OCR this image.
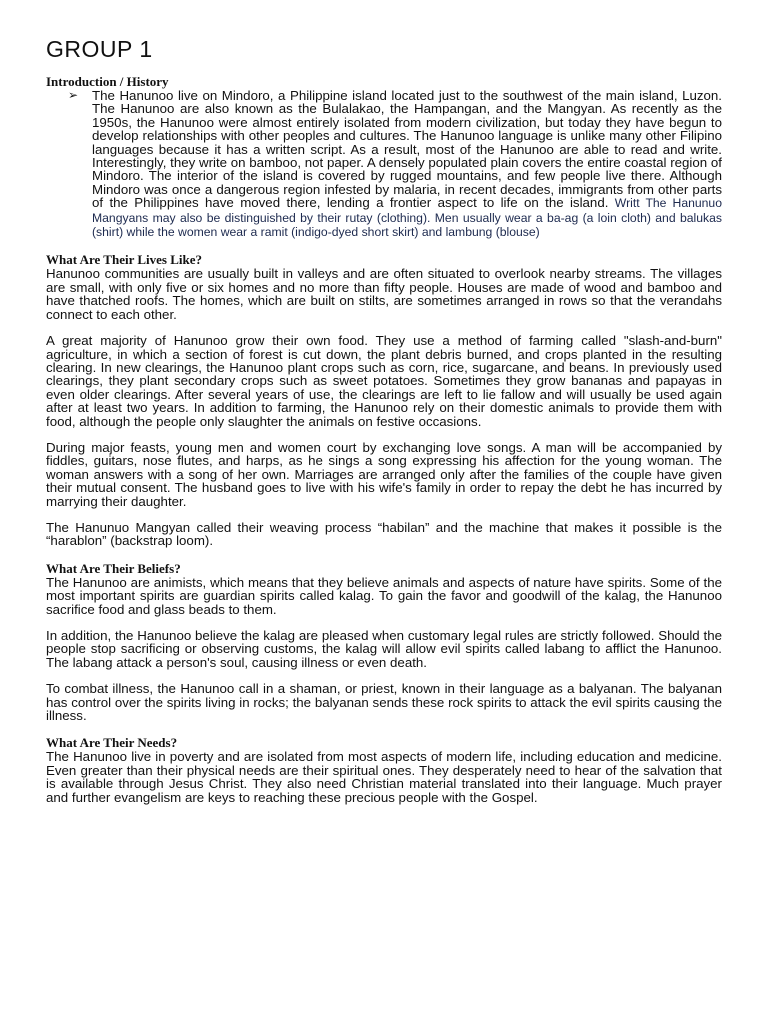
GROUP 1
Introduction / History
➢	The Hanunoo live on Mindoro, a Philippine island located just to the southwest of the main island, Luzon. The Hanunoo are also known as the Bulalakao, the Hampangan, and the Mangyan. As recently as the 1950s, the Hanunoo were almost entirely isolated from modern civilization, but today they have begun to develop relationships with other peoples and cultures. The Hanunoo language is unlike many other Filipino languages because it has a written script. As a result, most of the Hanunoo are able to read and write. Interestingly, they write on bamboo, not paper. A densely populated plain covers the entire coastal region of Mindoro. The interior of the island is covered by rugged mountains, and few people live there. Although Mindoro was once a dangerous region infested by malaria, in recent decades, immigrants from other parts of the Philippines have moved there, lending a frontier aspect to life on the island. Writt The Hanunuo Mangyans may also be distinguished by their rutay (clothing). Men usually wear a ba-ag (a loin cloth) and balukas (shirt) while the women wear a ramit (indigo-dyed short skirt) and lambung (blouse)

What Are Their Lives Like?

Hanunoo communities are usually built in valleys and are often situated to overlook nearby streams. The villages are small, with only five or six homes and no more than fifty people. Houses are made of wood and bamboo and have thatched roofs. The homes, which are built on stilts, are sometimes arranged in rows so that the verandahs connect to each other.

A great majority of Hanunoo grow their own food. They use a method of farming called "slash-and-burn" agriculture, in which a section of forest is cut down, the plant debris burned, and crops planted in the resulting clearing. In new clearings, the Hanunoo plant crops such as corn, rice, sugarcane, and beans. In previously used clearings, they plant secondary crops such as sweet potatoes. Sometimes they grow bananas and papayas in even older clearings. After several years of use, the clearings are left to lie fallow and will usually be used again after at least two years. In addition to farming, the Hanunoo rely on their domestic animals to provide them with food, although the people only slaughter the animals on festive occasions.

During major feasts, young men and women court by exchanging love songs. A man will be accompanied by fiddles, guitars, nose flutes, and harps, as he sings a song expressing his affection for the young woman. The woman answers with a song of her own. Marriages are arranged only after the families of the couple have given their mutual consent. The husband goes to live with his wife's family in order to repay the debt he has incurred by marrying their daughter.

The Hanunuo Mangyan called their weaving process “habilan” and the machine that makes it possible is the “harablon” (backstrap loom).

What Are Their Beliefs?

The Hanunoo are animists, which means that they believe animals and aspects of nature have spirits. Some of the most important spirits are guardian spirits called kalag. To gain the favor and goodwill of the kalag, the Hanunoo sacrifice food and glass beads to them.

In addition, the Hanunoo believe the kalag are pleased when customary legal rules are strictly followed. Should the people stop sacrificing or observing customs, the kalag will allow evil spirits called labang to afflict the Hanunoo. The labang attack a person's soul, causing illness or even death.

To combat illness, the Hanunoo call in a shaman, or priest, known in their language as a balyanan. The balyanan has control over the spirits living in rocks; the balyanan sends these rock spirits to attack the evil spirits causing the illness.

What Are Their Needs?

The Hanunoo live in poverty and are isolated from most aspects of modern life, including education and medicine. Even greater than their physical needs are their spiritual ones. They desperately need to hear of the salvation that is available through Jesus Christ. They also need Christian material translated into their language. Much prayer and further evangelism are keys to reaching these precious people with the Gospel.
